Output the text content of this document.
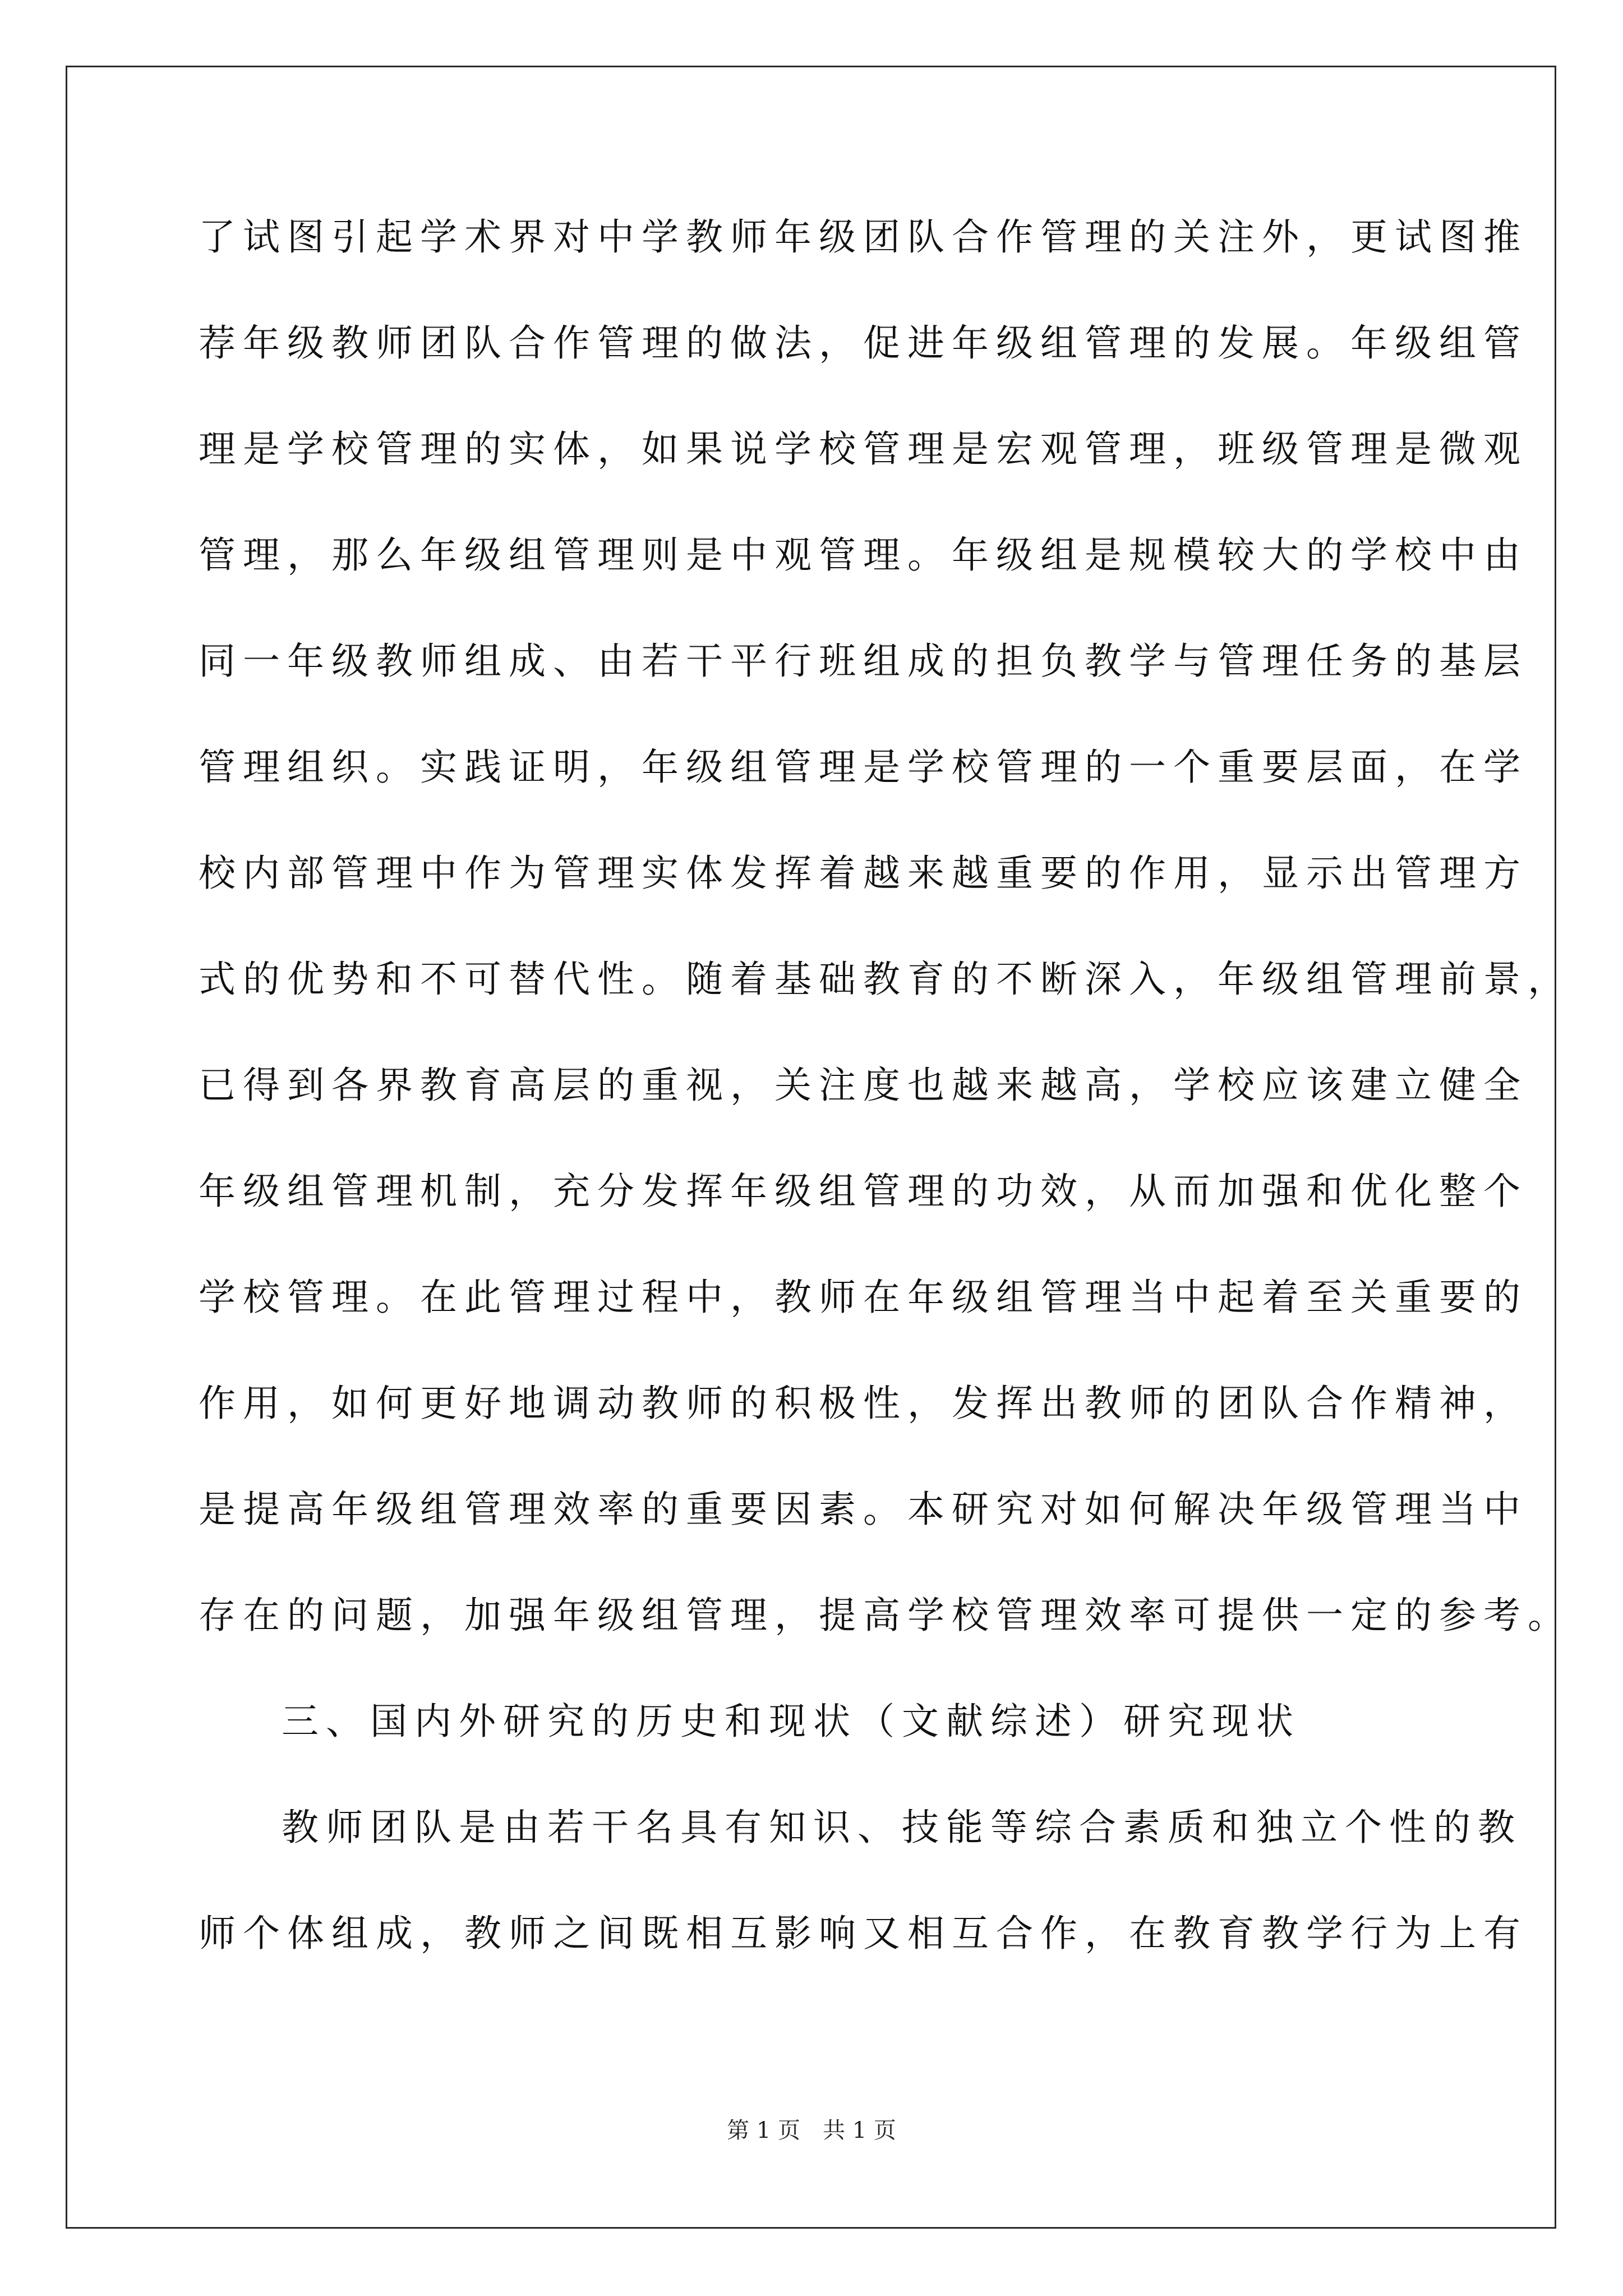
了试图引起学术界对中学教师年级团队合作管理的关注外，更试图推
荐年级教师团队合作管理的做法，促进年级组管理的发展。年级组管
理是学校管理的实体，如果说学校管理是宏观管理，班级管理是微观
管理，那么年级组管理则是中观管理。年级组是规模较大的学校中由
同一年级教师组成、由若干平行班组成的担负教学与管理任务的基层
管理组织。实践证明，年级组管理是学校管理的一个重要层面，在学
校内部管理中作为管理实体发挥着越来越重要的作用，显示出管理方
式的优势和不可替代性。随着基础教育的不断深入，年级组管理前景，
已得到各界教育高层的重视，关注度也越来越高，学校应该建立健全
年级组管理机制，充分发挥年级组管理的功效，从而加强和优化整个
学校管理。在此管理过程中，教师在年级组管理当中起着至关重要的
作用，如何更好地调动教师的积极性，发挥出教师的团队合作精神，
是提高年级组管理效率的重要因素。本研究对如何解决年级管理当中
存在的问题，加强年级组管理，提高学校管理效率可提供一定的参考。
三、国内外研究的历史和现状（文献综述）研究现状
教师团队是由若干名具有知识、技能等综合素质和独立个性的教
师个体组成，教师之间既相互影响又相互合作，在教育教学行为上有
第 1 页 共 1 页
